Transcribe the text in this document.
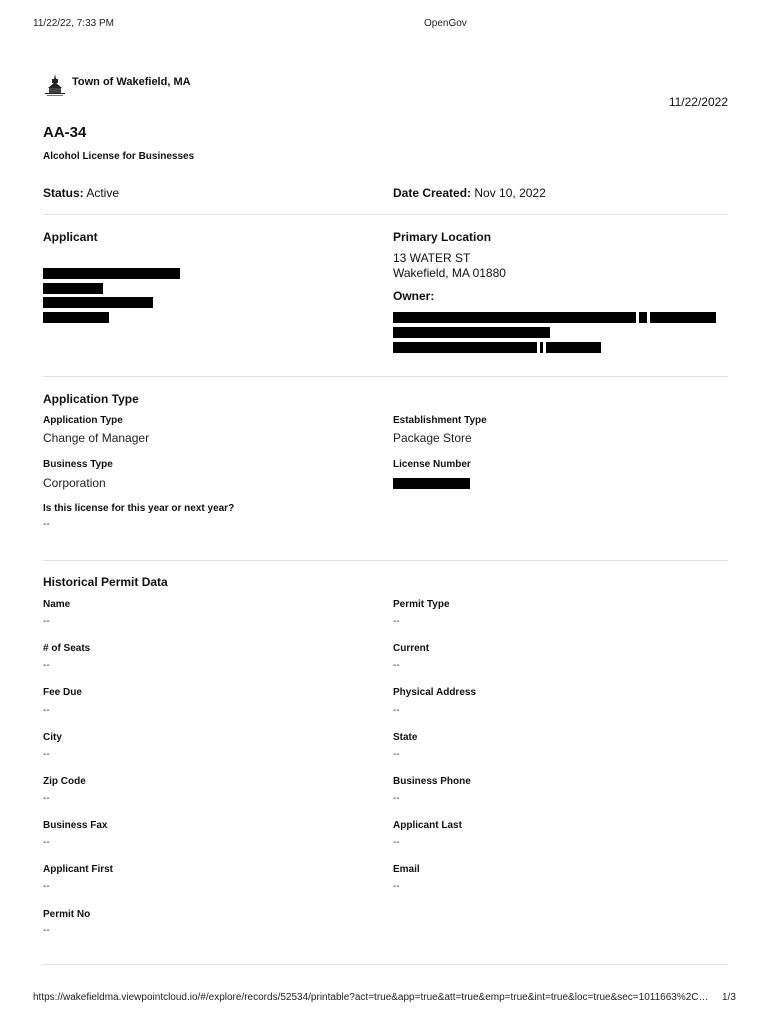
11/22/22, 7:33 PM	OpenGov
Town of Wakefield, MA
11/22/2022
AA-34
Alcohol License for Businesses
Status: Active	Date Created: Nov 10, 2022
Applicant	Primary Location
13 WATER ST
Wakefield, MA 01880
Owner:
Application Type
Application Type
Change of Manager
Establishment Type
Package Store
Business Type
Corporation
License Number
Is this license for this year or next year?
--
Historical Permit Data
Name
--
Permit Type
--
# of Seats
--
Current
--
Fee Due
--
Physical Address
--
City
--
State
--
Zip Code
--
Business Phone
--
Business Fax
--
Applicant Last
--
Applicant First
--
Email
--
Permit No
--
https://wakefieldma.viewpointcloud.io/#/explore/records/52534/printable?act=true&app=true&att=true&emp=true&int=true&loc=true&sec=1011663%2C…	1/3
